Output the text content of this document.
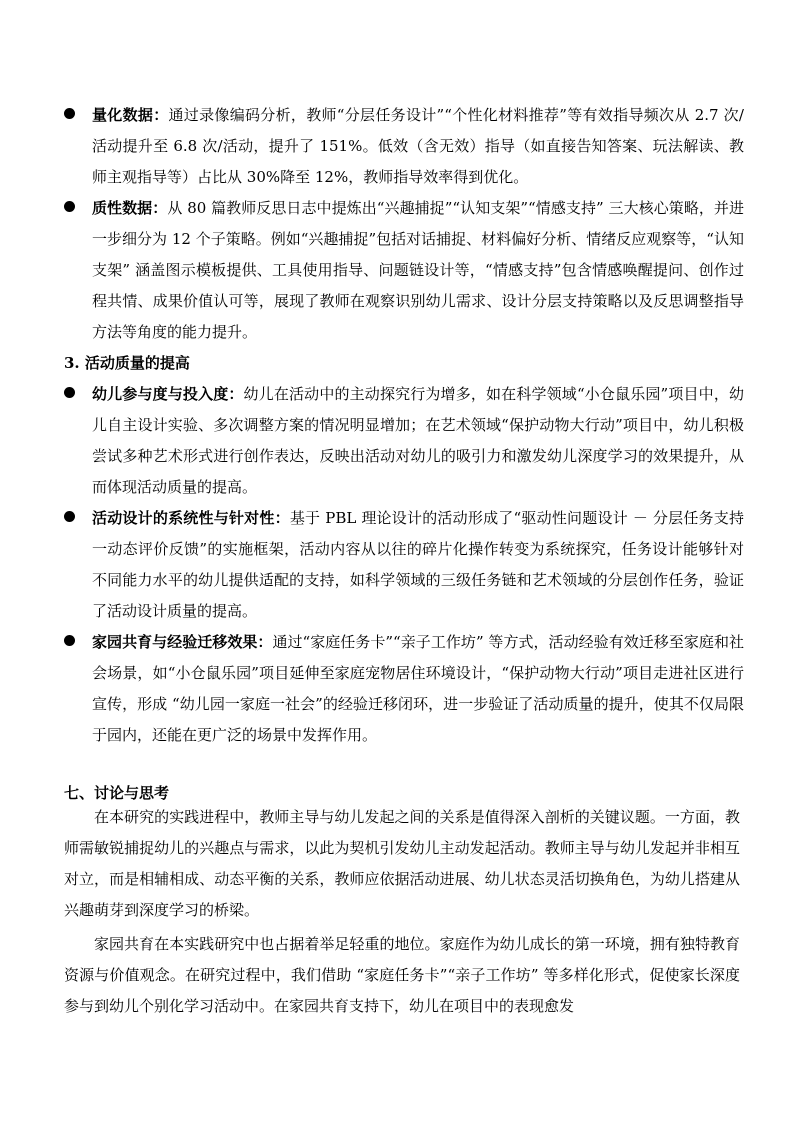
量化数据：通过录像编码分析，教师“分层任务设计”“个性化材料推荐”等有效指导频次从 2.7 次/活动提升至 6.8 次/活动，提升了 151%。低效（含无效）指导（如直接告知答案、玩法解读、教师主观指导等）占比从 30%降至 12%，教师指导效率得到优化。
质性数据：从 80 篇教师反思日志中提炼出“兴趣捕捉”“认知支架”“情感支持” 三大核心策略，并进一步细分为 12 个子策略。例如“兴趣捕捉”包括对话捕捉、材料偏好分析、情绪反应观察等，“认知支架” 涵盖图示模板提供、工具使用指导、问题链设计等，“情感支持”包含情感唤醒提问、创作过程共情、成果价值认可等，展现了教师在观察识别幼儿需求、设计分层支持策略以及反思调整指导方法等角度的能力提升。
3. 活动质量的提高
幼儿参与度与投入度：幼儿在活动中的主动探究行为增多，如在科学领域“小仓鼠乐园”项目中，幼儿自主设计实验、多次调整方案的情况明显增加；在艺术领域“保护动物大行动”项目中，幼儿积极尝试多种艺术形式进行创作表达，反映出活动对幼儿的吸引力和激发幼儿深度学习的效果提升，从而体现活动质量的提高。
活动设计的系统性与针对性：基于 PBL 理论设计的活动形成了“驱动性问题设计 － 分层任务支持一动态评价反馈”的实施框架，活动内容从以往的碎片化操作转变为系统探究，任务设计能够针对不同能力水平的幼儿提供适配的支持，如科学领域的三级任务链和艺术领域的分层创作任务，验证了活动设计质量的提高。
家园共育与经验迁移效果：通过“家庭任务卡”“亲子工作坊” 等方式，活动经验有效迁移至家庭和社会场景，如“小仓鼠乐园”项目延伸至家庭宠物居住环境设计，“保护动物大行动”项目走进社区进行宣传，形成 “幼儿园一家庭一社会”的经验迁移闭环，进一步验证了活动质量的提升，使其不仅局限于园内，还能在更广泛的场景中发挥作用。
七、讨论与思考
在本研究的实践进程中，教师主导与幼儿发起之间的关系是值得深入剖析的关键议题。一方面，教师需敏锐捕捉幼儿的兴趣点与需求，以此为契机引发幼儿主动发起活动。教师主导与幼儿发起并非相互对立，而是相辅相成、动态平衡的关系，教师应依据活动进展、幼儿状态灵活切换角色，为幼儿搭建从兴趣萌芽到深度学习的桥梁。
家园共育在本实践研究中也占据着举足轻重的地位。家庭作为幼儿成长的第一环境，拥有独特教育资源与价值观念。在研究过程中，我们借助 “家庭任务卡”“亲子工作坊” 等多样化形式，促使家长深度参与到幼儿个别化学习活动中。在家园共育支持下，幼儿在项目中的表现愈发
